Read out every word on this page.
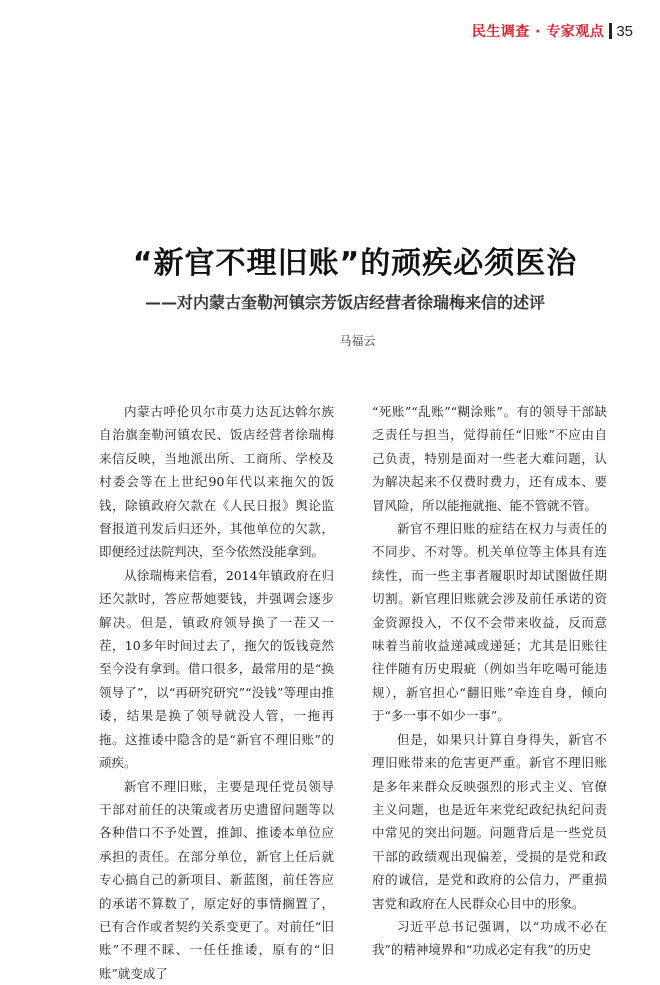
民生调查 · 专家观点 35
“新官不理旧账”的顽疾必须医治
——对内蒙古奎勒河镇宗芳饭店经营者徐瑞梅来信的述评
马福云

内蒙古呼伦贝尔市莫力达瓦达斡尔族自治旗奎勒河镇农民、饭店经营者徐瑞梅来信反映，当地派出所、工商所、学校及村委会等在上世纪90年代以来拖欠的饭钱，除镇政府欠款在《人民日报》舆论监督报道刊发后归还外，其他单位的欠款，即便经过法院判决，至今依然没能拿到。

从徐瑞梅来信看，2014年镇政府在归还欠款时，答应帮她要钱，并强调会逐步解决。但是，镇政府领导换了一茬又一茬，10多年时间过去了，拖欠的饭钱竟然至今没有拿到。借口很多，最常用的是“换领导了”，以“再研究研究”“没钱”等理由推诿，结果是换了领导就没人管，一拖再拖。这推诿中隐含的是“新官不理旧账”的顽疾。

新官不理旧账，主要是现任党员领导干部对前任的决策或者历史遗留问题等以各种借口不予处置，推卸、推诿本单位应承担的责任。在部分单位，新官上任后就专心搞自己的新项目、新蓝图，前任答应的承诺不算数了，原定好的事情搁置了，已有合作或者契约关系变更了。对前任“旧账”不理不睬、一任任推诿，原有的“旧账”就变成了

“死账”“乱账”“糊涂账”。有的领导干部缺乏责任与担当，觉得前任“旧账”不应由自己负责，特别是面对一些老大难问题，认为解决起来不仅费时费力，还有成本、要冒风险，所以能拖就拖、能不管就不管。

新官不理旧账的症结在权力与责任的不同步、不对等。机关单位等主体具有连续性，而一些主事者履职时却试图做任期切割。新官理旧账就会涉及前任承诺的资金资源投入，不仅不会带来收益，反而意味着当前收益递减或递延；尤其是旧账往往伴随有历史瑕疵（例如当年吃喝可能违规），新官担心“翻旧账”牵连自身，倾向于“多一事不如少一事”。

但是，如果只计算自身得失，新官不理旧账带来的危害更严重。新官不理旧账是多年来群众反映强烈的形式主义、官僚主义问题，也是近年来党纪政纪执纪问责中常见的突出问题。问题背后是一些党员干部的政绩观出现偏差，受损的是党和政府的诚信，是党和政府的公信力，严重损害党和政府在人民群众心目中的形象。

习近平总书记强调，以“功成不必在我”的精神境界和“功成必定有我”的历史
